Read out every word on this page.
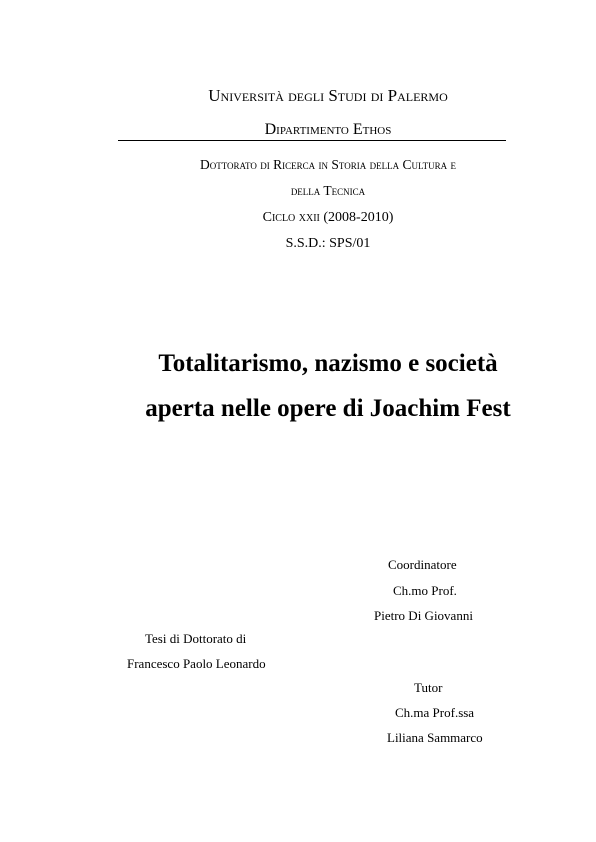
Università degli Studi di Palermo
Dipartimento Ethos
Dottorato di Ricerca in Storia della Cultura e
della Tecnica
Ciclo xxii (2008-2010)
S.S.D.: SPS/01
Totalitarismo, nazismo e società
aperta nelle opere di Joachim Fest
Coordinatore
Ch.mo Prof.
Pietro Di Giovanni
Tesi di Dottorato di
Francesco Paolo Leonardo
Tutor
Ch.ma Prof.ssa
Liliana Sammarco
